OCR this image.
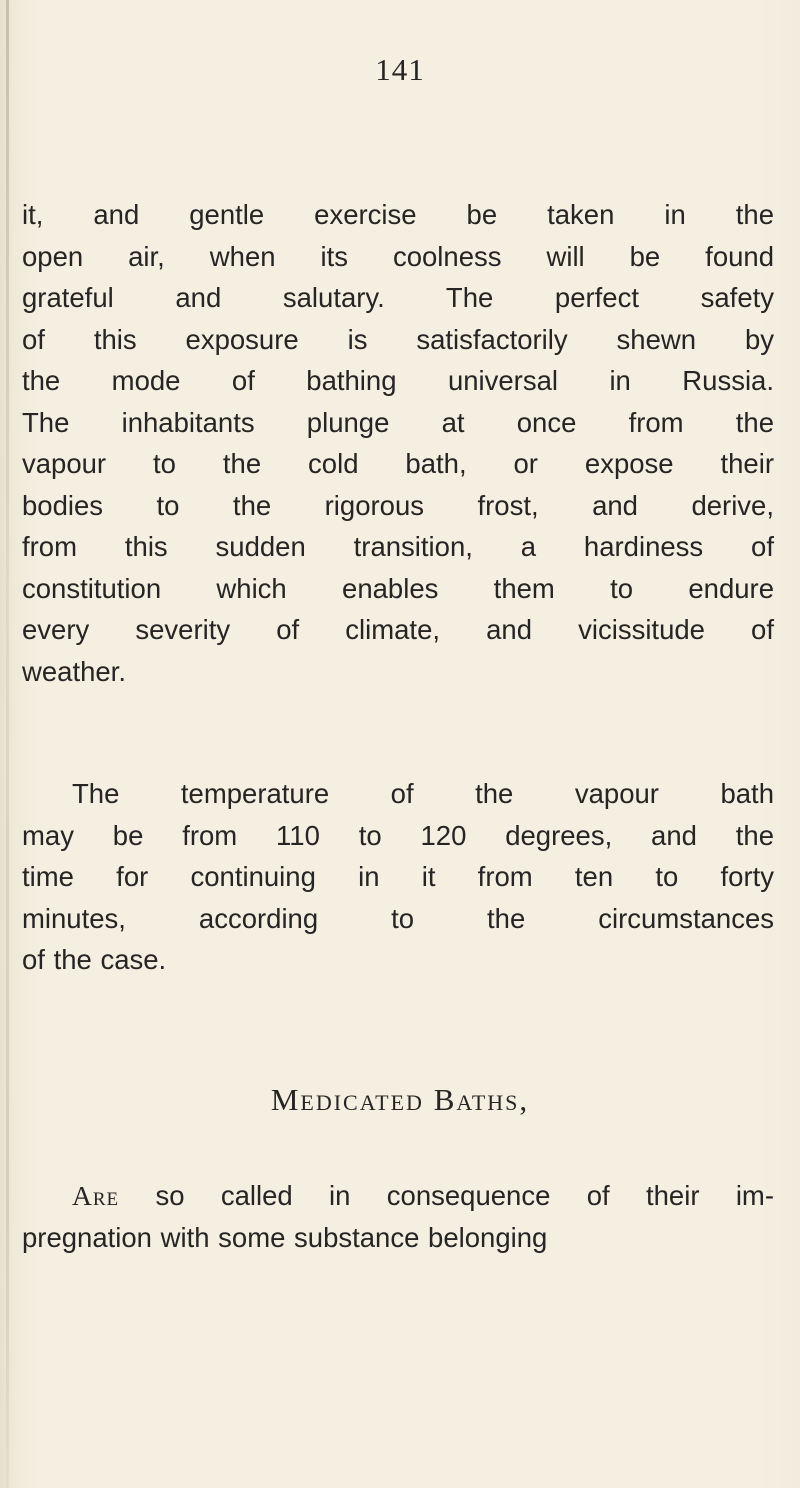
141
it, and gentle exercise be taken in the
open air, when its coolness will be found
grateful and salutary. The perfect safety
of this exposure is satisfactorily shewn by
the mode of bathing universal in Russia.
The inhabitants plunge at once from the
vapour to the cold bath, or expose their
bodies to the rigorous frost, and derive,
from this sudden transition, a hardiness of
constitution which enables them to endure
every severity of climate, and vicissitude of
weather.
The temperature of the vapour bath
may be from 110 to 120 degrees, and the
time for continuing in it from ten to forty
minutes, according to the circumstances
of the case.
Medicated Baths,
Are so called in consequence of their im-
pregnation with some substance belonging
